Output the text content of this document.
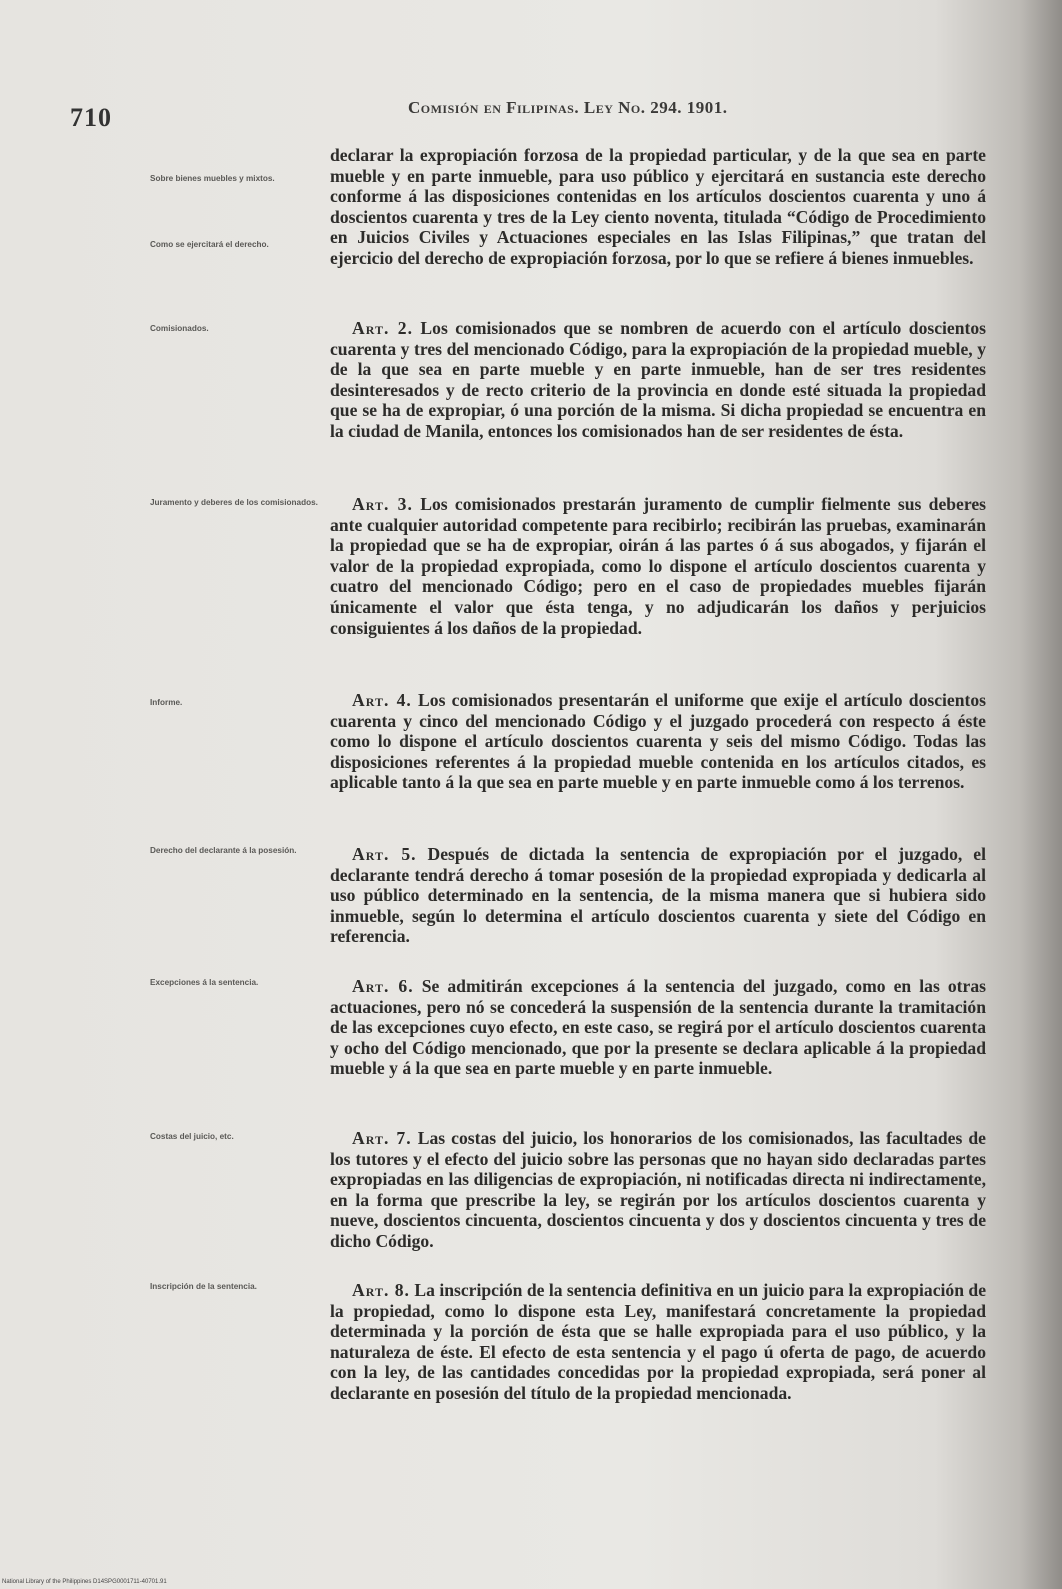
710	Comisión en Filipinas. Ley No. 294. 1901.
Sobre bienes muebles y mixtos.
Como se ejercitará el derecho.
Comisionados.
Juramento y deberes de los comisionados.
Informe.
Derecho del declarante á la posesión.
Excepciones á la sentencia.
Costas del juicio, etc.
Inscripción de la sentencia.
declarar la expropiación forzosa de la propiedad particular, y de la que sea en parte mueble y en parte inmueble, para uso público y ejercitará en sustancia este derecho conforme á las disposiciones contenidas en los artículos doscientos cuarenta y uno á doscientos cuarenta y tres de la Ley ciento noventa, titulada “Código de Procedimiento en Juicios Civiles y Actuaciones especiales en las Islas Filipinas,” que tratan del ejercicio del derecho de expropiación forzosa, por lo que se refiere á bienes inmuebles.
Art. 2. Los comisionados que se nombren de acuerdo con el artículo doscientos cuarenta y tres del mencionado Código, para la expropiación de la propiedad mueble, y de la que sea en parte mueble y en parte inmueble, han de ser tres residentes desinteresados y de recto criterio de la provincia en donde esté situada la propiedad que se ha de expropiar, ó una porción de la misma. Si dicha propiedad se encuentra en la ciudad de Manila, entonces los comisionados han de ser residentes de ésta.
Art. 3. Los comisionados prestarán juramento de cumplir fielmente sus deberes ante cualquier autoridad competente para recibirlo; recibirán las pruebas, examinarán la propiedad que se ha de expropiar, oirán á las partes ó á sus abogados, y fijarán el valor de la propiedad expropiada, como lo dispone el artículo doscientos cuarenta y cuatro del mencionado Código; pero en el caso de propiedades muebles fijarán únicamente el valor que ésta tenga, y no adjudicarán los daños y perjuicios consiguientes á los daños de la propiedad.
Art. 4. Los comisionados presentarán el uniforme que exije el artículo doscientos cuarenta y cinco del mencionado Código y el juzgado procederá con respecto á éste como lo dispone el artículo doscientos cuarenta y seis del mismo Código. Todas las disposiciones referentes á la propiedad mueble contenida en los artículos citados, es aplicable tanto á la que sea en parte mueble y en parte inmueble como á los terrenos.
Art. 5. Después de dictada la sentencia de expropiación por el juzgado, el declarante tendrá derecho á tomar posesión de la propiedad expropiada y dedicarla al uso público determinado en la sentencia, de la misma manera que si hubiera sido inmueble, según lo determina el artículo doscientos cuarenta y siete del Código en referencia.
Art. 6. Se admitirán excepciones á la sentencia del juzgado, como en las otras actuaciones, pero nó se concederá la suspensión de la sentencia durante la tramitación de las excepciones cuyo efecto, en este caso, se regirá por el artículo doscientos cuarenta y ocho del Código mencionado, que por la presente se declara aplicable á la propiedad mueble y á la que sea en parte mueble y en parte inmueble.
Art. 7. Las costas del juicio, los honorarios de los comisionados, las facultades de los tutores y el efecto del juicio sobre las personas que no hayan sido declaradas partes expropiadas en las diligencias de expropiación, ni notificadas directa ni indirectamente, en la forma que prescribe la ley, se regirán por los artículos doscientos cuarenta y nueve, doscientos cincuenta, doscientos cincuenta y dos y doscientos cincuenta y tres de dicho Código.
Art. 8. La inscripción de la sentencia definitiva en un juicio para la expropiación de la propiedad, como lo dispone esta Ley, manifestará concretamente la propiedad determinada y la porción de ésta que se halle expropiada para el uso público, y la naturaleza de éste. El efecto de esta sentencia y el pago ú oferta de pago, de acuerdo con la ley, de las cantidades concedidas por la propiedad expropiada, será poner al declarante en posesión del título de la propiedad mencionada.
National Library of the Philippines D14SPG0001711-40701.91
